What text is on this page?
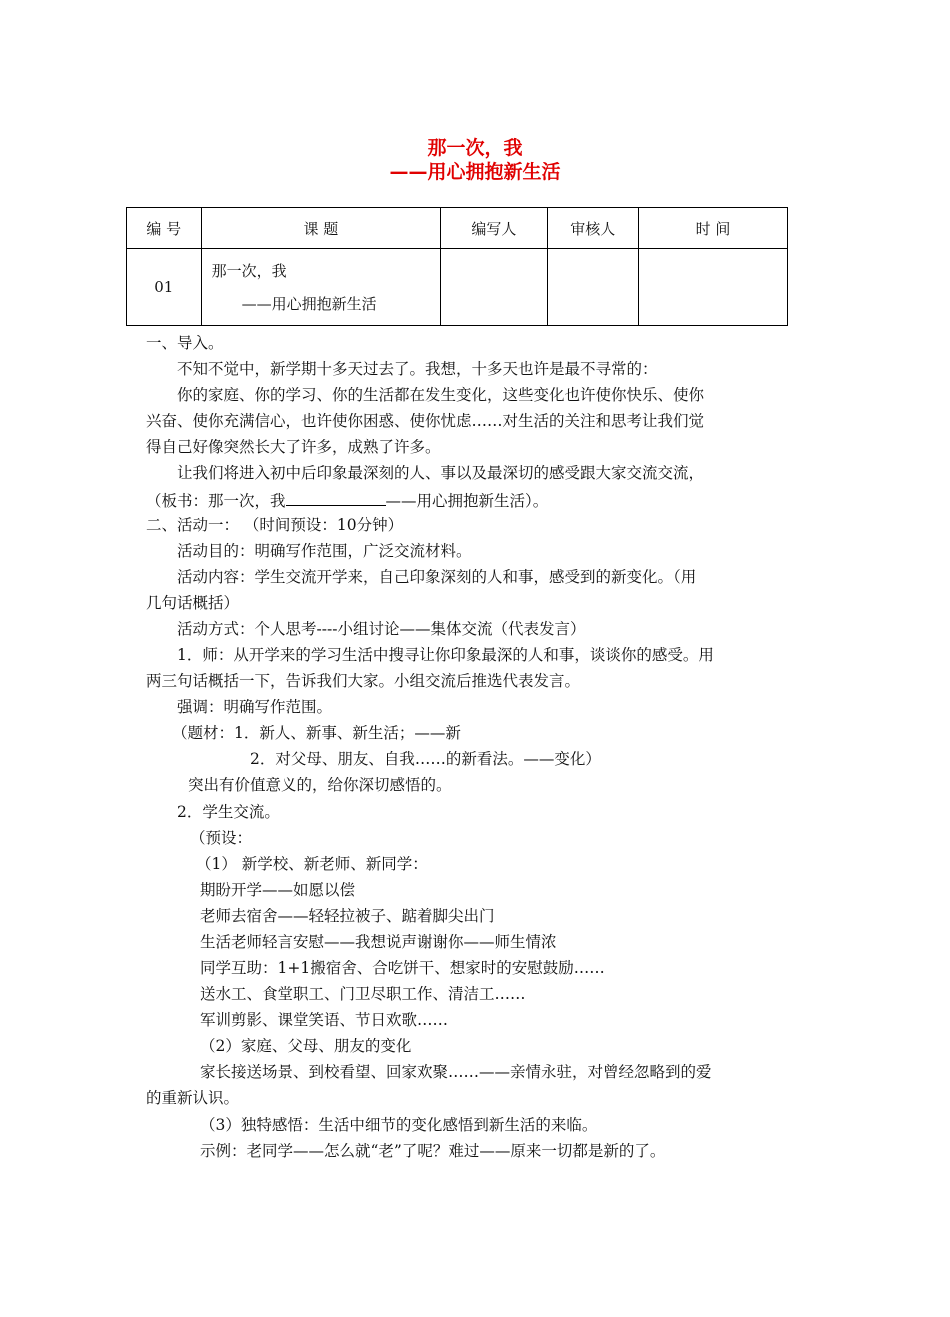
那一次，我
——用心拥抱新生活
编 号	课 题	编写人	审核人	时 间
01	那一次，我
——用心拥抱新生活			

一、导入。
不知不觉中，新学期十多天过去了。我想，十多天也许是最不寻常的：
你的家庭、你的学习、你的生活都在发生变化，这些变化也许使你快乐、使你
兴奋、使你充满信心，也许使你困惑、使你忧虑……对生活的关注和思考让我们觉
得自己好像突然长大了许多，成熟了许多。
让我们将进入初中后印象最深刻的人、事以及最深切的感受跟大家交流交流，
（板书：那一次，我	——用心拥抱新生活）。
二、活动一： （时间预设：10分钟）
活动目的：明确写作范围，广泛交流材料。
活动内容：学生交流开学来，自己印象深刻的人和事，感受到的新变化。（用
几句话概括）
活动方式：个人思考----小组讨论——集体交流（代表发言）
1．师：从开学来的学习生活中搜寻让你印象最深的人和事，谈谈你的感受。用
两三句话概括一下，告诉我们大家。小组交流后推选代表发言。
强调：明确写作范围。
（题材：1．新人、新事、新生活；——新
2．对父母、朋友、自我……的新看法。——变化）
突出有价值意义的，给你深切感悟的。
2．学生交流。
（预设：
（1） 新学校、新老师、新同学：
期盼开学——如愿以偿
老师去宿舍——轻轻拉被子、踮着脚尖出门
生活老师轻言安慰——我想说声谢谢你——师生情浓
同学互助：1+1搬宿舍、合吃饼干、想家时的安慰鼓励……
送水工、食堂职工、门卫尽职工作、清洁工……
军训剪影、课堂笑语、节日欢歌……
（2）家庭、父母、朋友的变化
家长接送场景、到校看望、回家欢聚……——亲情永驻，对曾经忽略到的爱
的重新认识。
（3）独特感悟：生活中细节的变化感悟到新生活的来临。
示例：老同学——怎么就“老”了呢？难过——原来一切都是新的了。
